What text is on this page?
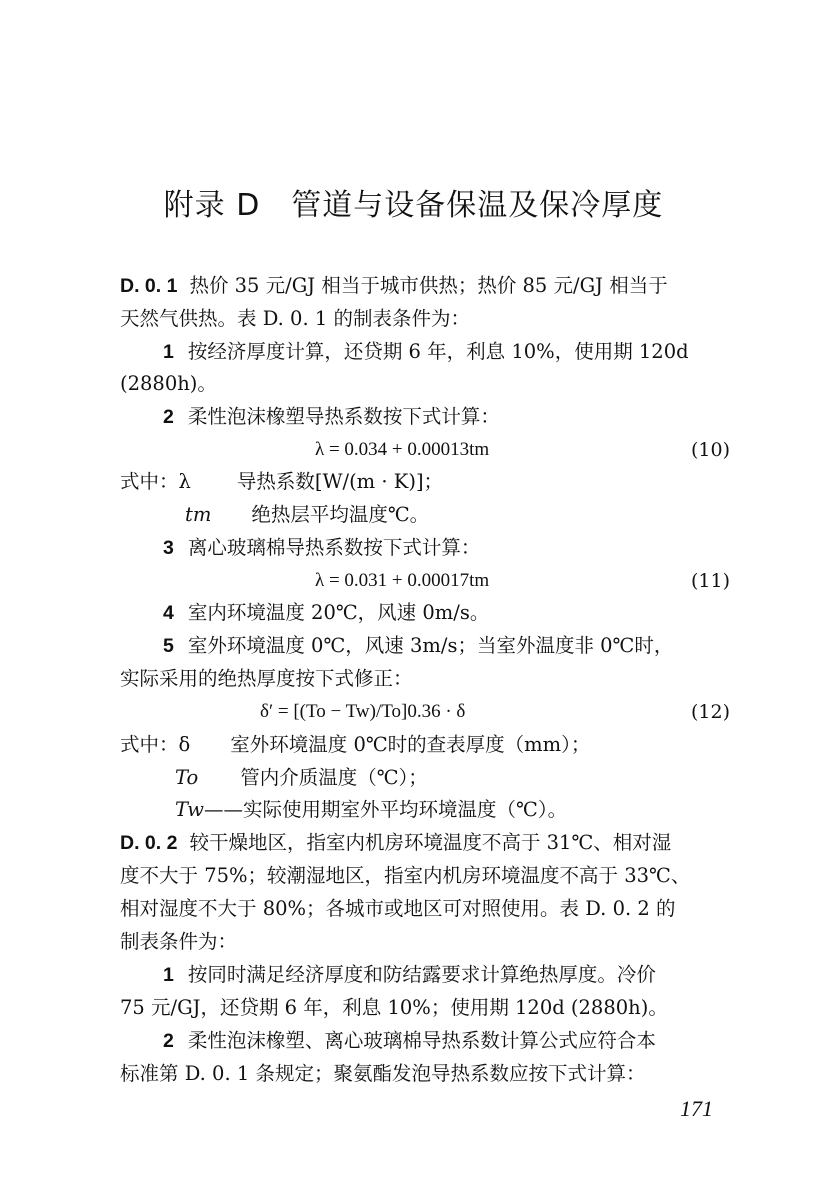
附录 D　管道与设备保温及保冷厚度
D. 0. 1 热价 35 元/GJ 相当于城市供热；热价 85 元/GJ 相当于
天然气供热。表 D. 0. 1 的制表条件为：
1 按经济厚度计算，还贷期 6 年，利息 10%，使用期 120d
(2880h)。
2 柔性泡沫橡塑导热系数按下式计算：
λ = 0.034 + 0.00013tm	(10)
式中：λ 导热系数[W/(m · K)]；
tm 绝热层平均温度℃。
3 离心玻璃棉导热系数按下式计算：
λ = 0.031 + 0.00017tm	(11)
4 室内环境温度 20℃，风速 0m/s。
5 室外环境温度 0℃，风速 3m/s；当室外温度非 0℃时，
实际采用的绝热厚度按下式修正：
δ′ = [(To − Tw)/To]0.36 · δ	(12)
式中：δ 室外环境温度 0℃时的查表厚度（mm）；
To 管内介质温度（℃）；
Tw——实际使用期室外平均环境温度（℃）。
D. 0. 2 较干燥地区，指室内机房环境温度不高于 31℃、相对湿
度不大于 75%；较潮湿地区，指室内机房环境温度不高于 33℃、
相对湿度不大于 80%；各城市或地区可对照使用。表 D. 0. 2 的
制表条件为：
1 按同时满足经济厚度和防结露要求计算绝热厚度。冷价
75 元/GJ，还贷期 6 年，利息 10%；使用期 120d (2880h)。
2 柔性泡沫橡塑、离心玻璃棉导热系数计算公式应符合本
标准第 D. 0. 1 条规定；聚氨酯发泡导热系数应按下式计算：
171
